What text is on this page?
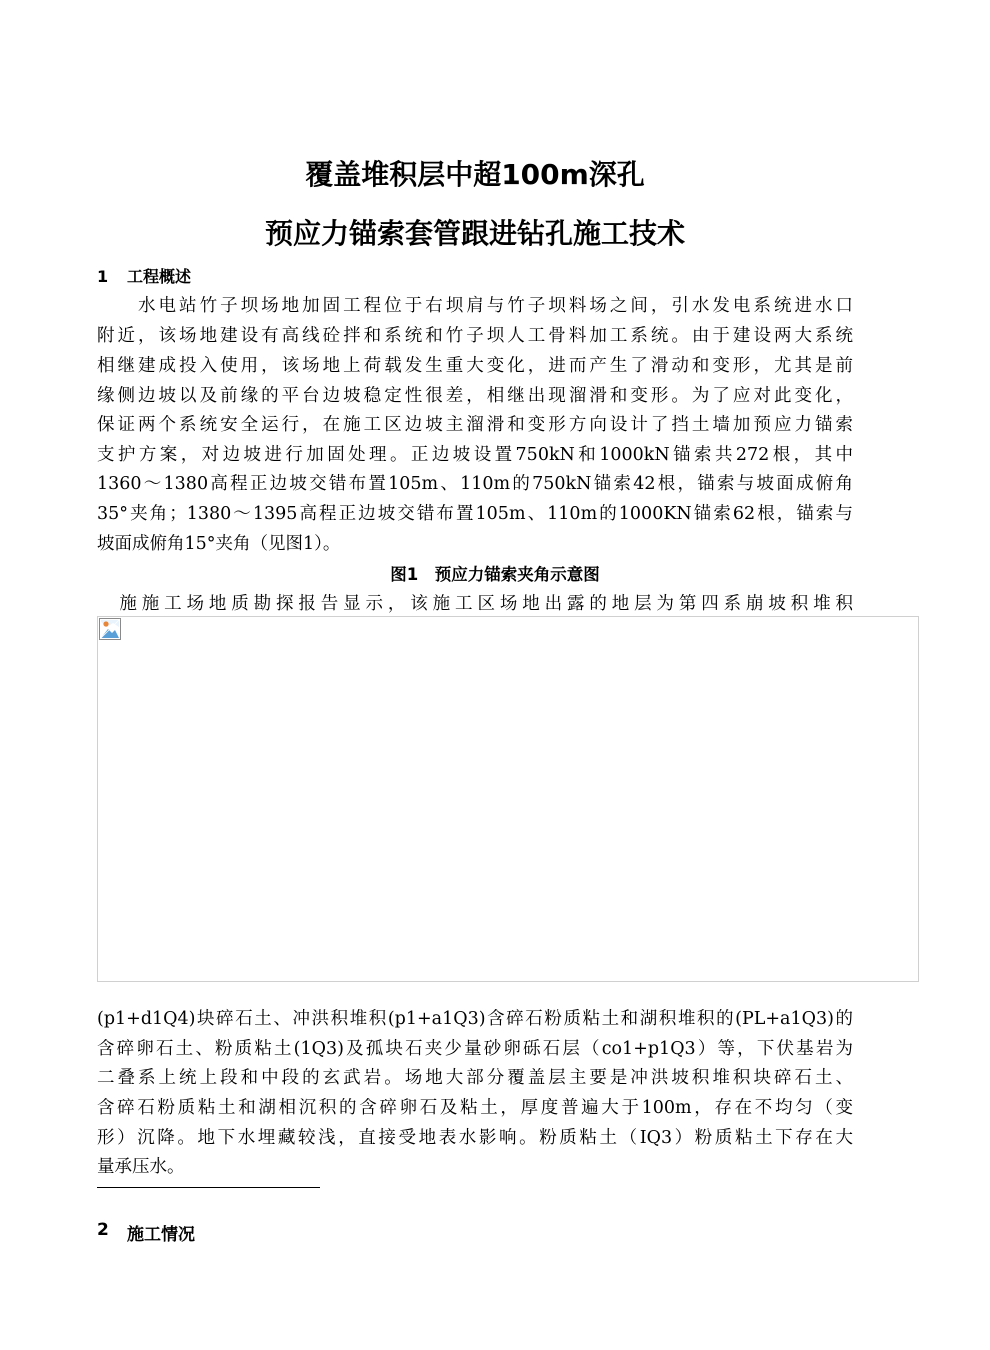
覆盖堆积层中超100m深孔
预应力锚索套管跟进钻孔施工技术
1 工程概述
　　水电站竹子坝场地加固工程位于右坝肩与竹子坝料场之间，引水发电系统进水口
附近，该场地建设有高线砼拌和系统和竹子坝人工骨料加工系统。由于建设两大系统
相继建成投入使用，该场地上荷载发生重大变化，进而产生了滑动和变形，尤其是前
缘侧边坡以及前缘的平台边坡稳定性很差，相继出现溜滑和变形。为了应对此变化，
保证两个系统安全运行，在施工区边坡主溜滑和变形方向设计了挡土墙加预应力锚索
支护方案，对边坡进行加固处理。正边坡设置750kN和1000kN锚索共272根，其中
1360～1380高程正边坡交错布置105m、110m的750kN锚索42根，锚索与坡面成俯角
35°夹角；1380～1395高程正边坡交错布置105m、110m的1000KN锚索62根，锚索与
坡面成俯角15°夹角（见图1）。
图1　预应力锚索夹角示意图
　施施工场地质勘探报告显示，该施工区场地出露的地层为第四系崩坡积堆积
(p1+d1Q4)块碎石土、冲洪积堆积(p1+a1Q3)含碎石粉质粘土和湖积堆积的(PL+a1Q3)的
含碎卵石土、粉质粘土(1Q3)及孤块石夹少量砂卵砾石层（co1+p1Q3）等，下伏基岩为
二叠系上统上段和中段的玄武岩。场地大部分覆盖层主要是冲洪坡积堆积块碎石土、
含碎石粉质粘土和湖相沉积的含碎卵石及粘土，厚度普遍大于100m，存在不均匀（变
形）沉降。地下水埋藏较浅，直接受地表水影响。粉质粘土（IQ3）粉质粘土下存在大
量承压水。
2 施工情况
